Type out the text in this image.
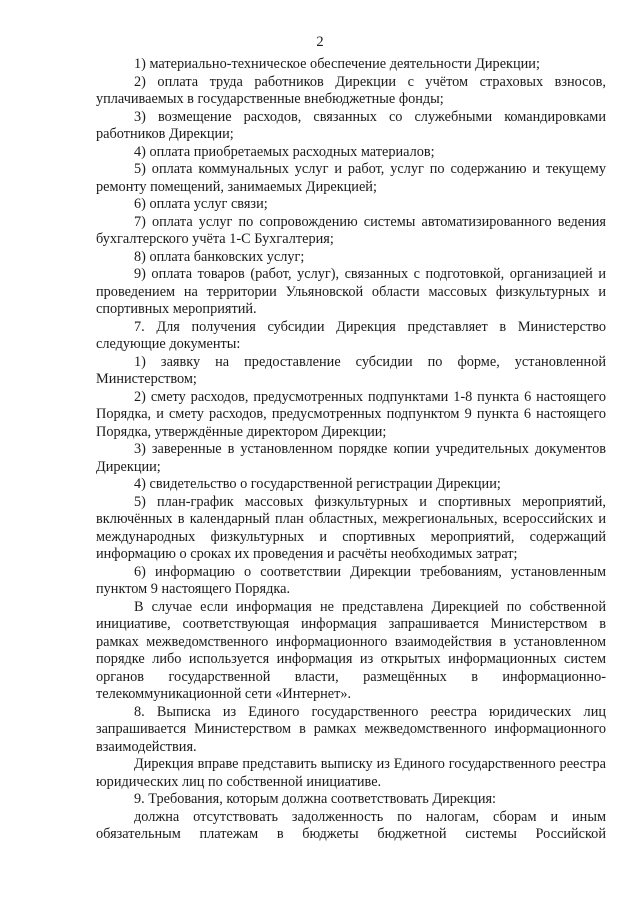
2

1) материально-техническое обеспечение деятельности Дирекции;

2) оплата труда работников Дирекции с учётом страховых взносов, уплачиваемых в государственные внебюджетные фонды;

3) возмещение расходов, связанных со служебными командировками работников Дирекции;

4) оплата приобретаемых расходных материалов;

5) оплата коммунальных услуг и работ, услуг по содержанию и текущему ремонту помещений, занимаемых Дирекцией;

6) оплата услуг связи;

7) оплата услуг по сопровождению системы автоматизированного ведения бухгалтерского учёта 1-С Бухгалтерия;

8) оплата банковских услуг;

9) оплата товаров (работ, услуг), связанных с подготовкой, организацией и проведением на территории Ульяновской области массовых физкультурных и спортивных мероприятий.

7. Для получения субсидии Дирекция представляет в Министерство следующие документы:

1) заявку на предоставление субсидии по форме, установленной Министерством;

2) смету расходов, предусмотренных подпунктами 1-8 пункта 6 настоящего Порядка, и смету расходов, предусмотренных подпунктом 9 пункта 6 настоящего Порядка, утверждённые директором Дирекции;

3) заверенные в установленном порядке копии учредительных документов Дирекции;

4) свидетельство о государственной регистрации Дирекции;

5) план-график массовых физкультурных и спортивных мероприятий, включённых в календарный план областных, межрегиональных, всероссийских и международных физкультурных и спортивных мероприятий, содержащий информацию о сроках их проведения и расчёты необходимых затрат;

6) информацию о соответствии Дирекции требованиям, установленным пунктом 9 настоящего Порядка.

В случае если информация не представлена Дирекцией по собственной инициативе, соответствующая информация запрашивается Министерством в рамках межведомственного информационного взаимодействия в установленном порядке либо используется информация из открытых информационных систем органов государственной власти, размещённых в информационно-телекоммуникационной сети «Интернет».

8. Выписка из Единого государственного реестра юридических лиц запрашивается Министерством в рамках межведомственного информационного взаимодействия.

Дирекция вправе представить выписку из Единого государственного реестра юридических лиц по собственной инициативе.

9. Требования, которым должна соответствовать Дирекция:

должна отсутствовать задолженность по налогам, сборам и иным обязательным платежам в бюджеты бюджетной системы Российской
